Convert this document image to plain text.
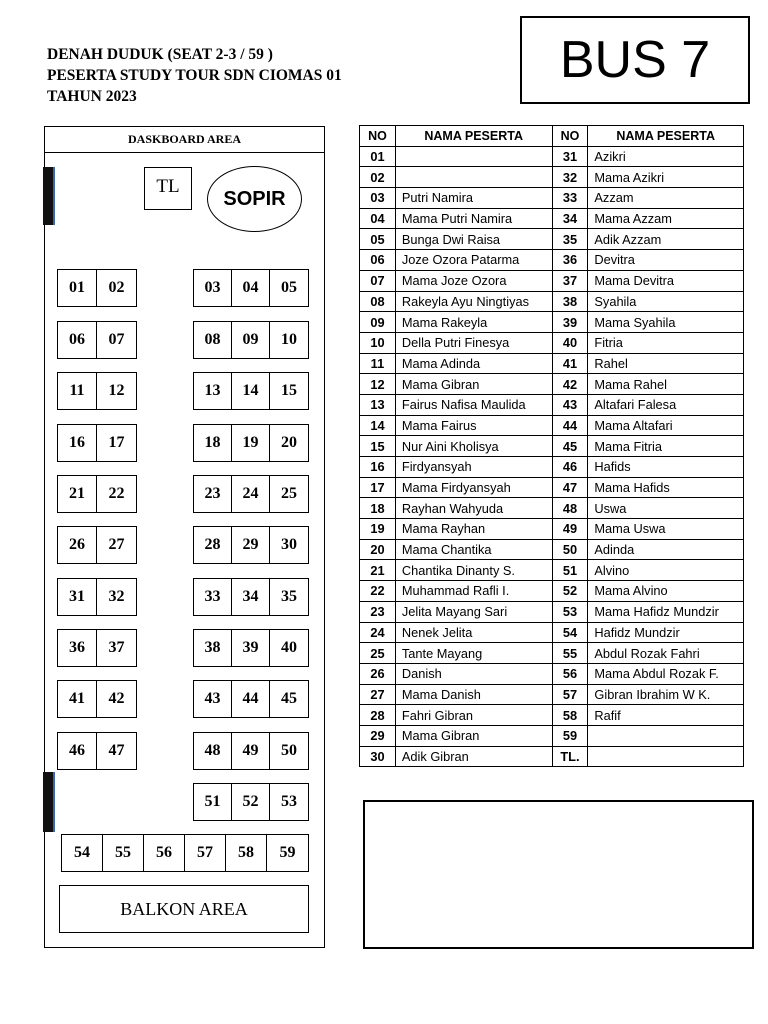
DENAH DUDUK (SEAT 2-3 / 59 )
PESERTA STUDY TOUR SDN CIOMAS 01
TAHUN 2023
BUS 7
DASKBOARD AREA
TL
SOPIR
01	02
06	07
11	12
16	17
21	22
26	27
31	32
36	37
41	42
46	47
03	04	05
08	09	10
13	14	15
18	19	20
23	24	25
28	29	30
33	34	35
38	39	40
43	44	45
48	49	50
51	52	53
54	55	56	57	58	59
BALKON AREA
NO	NAMA PESERTA	NO	NAMA PESERTA
01		31	Azikri
02		32	Mama Azikri
03	Putri Namira	33	Azzam
04	Mama Putri Namira	34	Mama Azzam
05	Bunga Dwi Raisa	35	Adik Azzam
06	Joze Ozora Patarma	36	Devitra
07	Mama Joze Ozora	37	Mama Devitra
08	Rakeyla Ayu Ningtiyas	38	Syahila
09	Mama Rakeyla	39	Mama Syahila
10	Della Putri Finesya	40	Fitria
11	Mama Adinda	41	Rahel
12	Mama Gibran	42	Mama Rahel
13	Fairus Nafisa Maulida	43	Altafari Falesa
14	Mama Fairus	44	Mama Altafari
15	Nur Aini Kholisya	45	Mama Fitria
16	Firdyansyah	46	Hafids
17	Mama Firdyansyah	47	Mama Hafids
18	Rayhan Wahyuda	48	Uswa
19	Mama Rayhan	49	Mama Uswa
20	Mama Chantika	50	Adinda
21	Chantika Dinanty S.	51	Alvino
22	Muhammad Rafli I.	52	Mama Alvino
23	Jelita Mayang Sari	53	Mama Hafidz Mundzir
24	Nenek Jelita	54	Hafidz Mundzir
25	Tante Mayang	55	Abdul Rozak Fahri
26	Danish	56	Mama Abdul Rozak F.
27	Mama Danish	57	Gibran Ibrahim W K.
28	Fahri Gibran	58	Rafif
29	Mama Gibran	59	
30	Adik Gibran	TL.	
